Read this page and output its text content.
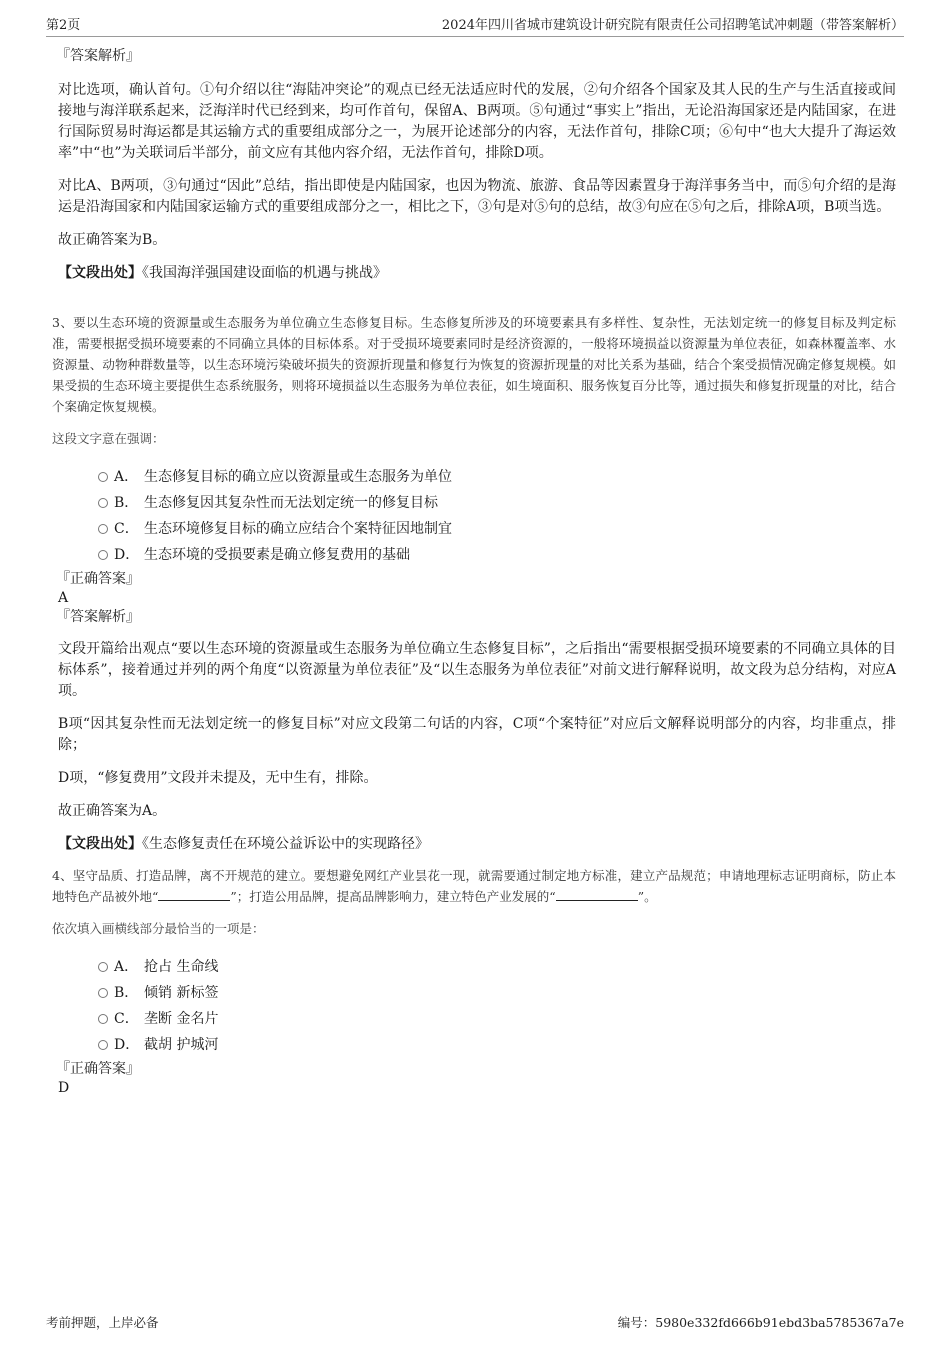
第2页	2024年四川省城市建筑设计研究院有限责任公司招聘笔试冲刺题（带答案解析）
『答案解析』

对比选项，确认首句。①句介绍以往“海陆冲突论”的观点已经无法适应时代的发展，②句介绍各个国家及其人民的生产与生活直接或间接地与海洋联系起来，泛海洋时代已经到来，均可作首句，保留A、B两项。⑤句通过“事实上”指出，无论沿海国家还是内陆国家，在进行国际贸易时海运都是其运输方式的重要组成部分之一，为展开论述部分的内容，无法作首句，排除C项；⑥句中“也大大提升了海运效率”中“也”为关联词后半部分，前文应有其他内容介绍，无法作首句，排除D项。

对比A、B两项，③句通过“因此”总结，指出即使是内陆国家，也因为物流、旅游、食品等因素置身于海洋事务当中，而⑤句介绍的是海运是沿海国家和内陆国家运输方式的重要组成部分之一，相比之下，③句是对⑤句的总结，故③句应在⑤句之后，排除A项，B项当选。

故正确答案为B。

【文段出处】《我国海洋强国建设面临的机遇与挑战》

3、要以生态环境的资源量或生态服务为单位确立生态修复目标。生态修复所涉及的环境要素具有多样性、复杂性，无法划定统一的修复目标及判定标准，需要根据受损环境要素的不同确立具体的目标体系。对于受损环境要素同时是经济资源的，一般将环境损益以资源量为单位表征，如森林覆盖率、水资源量、动物种群数量等，以生态环境污染破坏损失的资源折现量和修复行为恢复的资源折现量的对比关系为基础，结合个案受损情况确定修复规模。如果受损的生态环境主要提供生态系统服务，则将环境损益以生态服务为单位表征，如生境面积、服务恢复百分比等，通过损失和修复折现量的对比，结合个案确定恢复规模。

这段文字意在强调：
A． 生态修复目标的确立应以资源量或生态服务为单位
B． 生态修复因其复杂性而无法划定统一的修复目标
C． 生态环境修复目标的确立应结合个案特征因地制宜
D． 生态环境的受损要素是确立修复费用的基础
『正确答案』
A
『答案解析』

文段开篇给出观点“要以生态环境的资源量或生态服务为单位确立生态修复目标”，之后指出“需要根据受损环境要素的不同确立具体的目标体系”，接着通过并列的两个角度“以资源量为单位表征”及“以生态服务为单位表征”对前文进行解释说明，故文段为总分结构，对应A项。

B项“因其复杂性而无法划定统一的修复目标”对应文段第二句话的内容，C项“个案特征”对应后文解释说明部分的内容，均非重点，排除；

D项，“修复费用”文段并未提及，无中生有，排除。

故正确答案为A。

【文段出处】《生态修复责任在环境公益诉讼中的实现路径》

4、坚守品质、打造品牌，离不开规范的建立。要想避免网红产业昙花一现，就需要通过制定地方标准，建立产品规范；申请地理标志证明商标，防止本地特色产品被外地“	”；打造公用品牌，提高品牌影响力，建立特色产业发展的“	”。

依次填入画横线部分最恰当的一项是：
A． 抢占 生命线
B． 倾销 新标签
C． 垄断 金名片
D． 截胡 护城河
『正确答案』
D
考前押题，上岸必备	编号：5980e332fd666b91ebd3ba5785367a7e
